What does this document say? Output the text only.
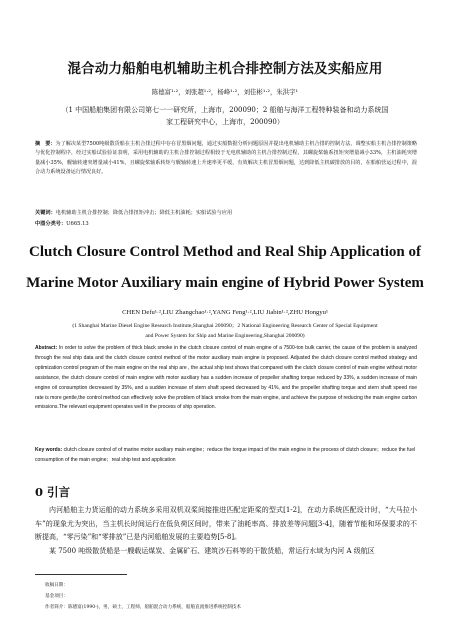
混合动力船舶电机辅助主机合排控制方法及实船应用
陈德富¹·²，刘张超¹·²，杨峰¹·²，刘佳彬¹·²，朱洪宇¹
（1 中国船舶集团有限公司第七一一研究所，上海市，200090；2 船舶与海洋工程特种装备和动力系统国家工程研究中心，上海市，200090）
摘　要：为了解决某型7500吨级散货船在主机合排过程中存在冒黑烟问题，通过实船数据分析问题原因并提出电机辅助主机合排的控制方法，调整实船主机合排控制策略与优化控制程序，经过实船试验验证表明，采用电机辅助的主机合排控制过程相较于无电机辅助的主机合排控制过程，其螺旋桨轴系扭矩突增量减小33%，主机油耗突增量减小35%，艉轴转速突增量减小41%，且螺旋桨轴系转矩与艉轴转速上升速率更平缓，有效解决主机冒黑烟问题，达到降低主机碳排放的目的，在船舶营运过程中，混合动力系统设备运行情况良好。
关键词：电机辅助主机合排控制；降低合排扭矩冲击；降低主机油耗；实船试验与应用
中图分类号：U665.13
Clutch Closure Control Method and Real Ship Application of
Marine Motor Auxiliary main engine of Hybrid Power System
CHEN Defu¹·²,LIU Zhangchao¹·²,YANG Feng¹·²,LIU Jiabin¹·²,ZHU Hongyu¹
(1 Shanghai Marine Diesel Engine Research Institute,Shanghai 200090；2 National Engineering Research Center of Special Equipment
and Power System for Ship and Marine Engineering,Shanghai 200090)
Abstract: In order to solve the problem of thick black smoke in the clutch closure control of main engine of a 7500-ton bulk carrier, the cause of the problem is analyzed through the real ship data and the clutch closure control method of the motor auxiliary main engine is proposed. Adjusted the clutch closure control method strategy and optimization control program of the main engine on the real ship are , the actual ship test shows that compared with the clutch closure control of main engine without motor assistance, the clutch closure control of main engine with motor auxiliary has a sudden increase of propeller shafting torque reduced by 33%, a sudden increase of main engine oil consumption decreased by 35%, and a sudden increase of stern shaft speed decreased by 41%, and the propeller shafting torque and stern shaft speed rise rate is more gentle,the control method can effectively solve the problem of black smoke from the main engine, and achieve the purpose of reducing the main engine carbon emissions.The relevant equipment operates well in the process of ship operation.
Key words: clutch closure control of of marine motor auxiliary main engine；reduce the torque impact of the main engine in the process of clutch closure；reduce the fuel consumption of the main engine；real ship test and application
0 引言
内河船舶主力货运船的动力系统多采用双机双桨间接推进匹配定距桨的型式[1-2]，在动力系统匹配设计时，“大马拉小车”的现象尤为突出，当主机长时间运行在低负荷区间时，带来了油耗率高、排放差等问题[3-4]，随着节能和环保要求的不断提高，“零污染”和“零排放”已是内河船舶发展的主要趋势[5-8]。
某 7500 吨级散货船是一艘载运煤炭、金属矿石、建筑沙石料等的干散货船，常运行水域为内河 A 级航区
收稿日期：
基金项目：
作者简介：陈德富(1990-)，男，硕士，工程师，船舶混合动力系统，船舶直流推进系统控制技术
